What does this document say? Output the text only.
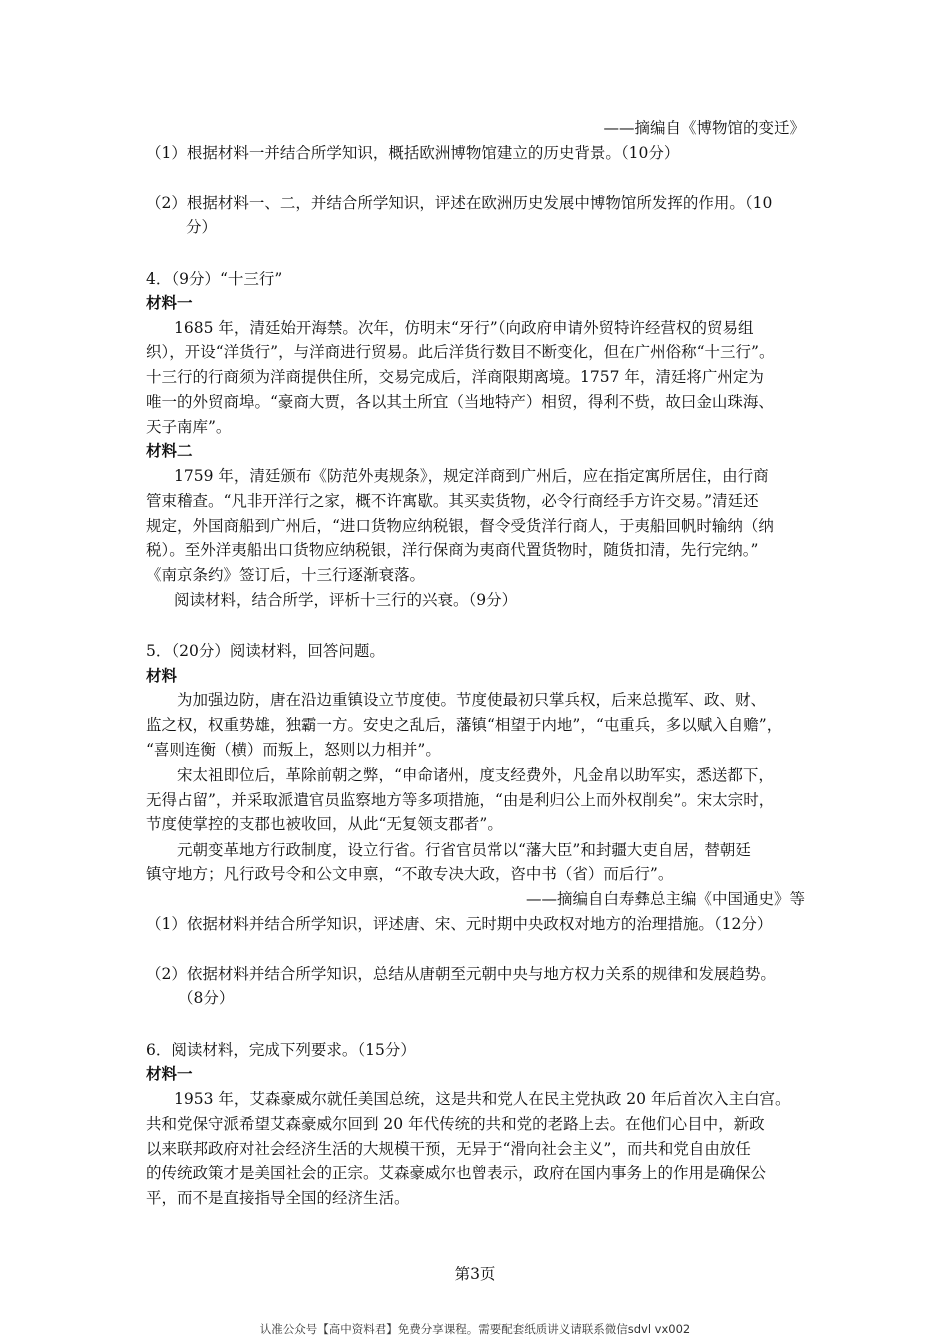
——摘编自《博物馆的变迁》
（1）根据材料一并结合所学知识，概括欧洲博物馆建立的历史背景。（10分）
（2）根据材料一、二，并结合所学知识，评述在欧洲历史发展中博物馆所发挥的作用。（10
分）
4．（9分）“十三行”
材料一
1685 年，清廷始开海禁。次年，仿明末“牙行”（向政府申请外贸特许经营权的贸易组
织），开设“洋货行”，与洋商进行贸易。此后洋货行数目不断变化，但在广州俗称“十三行”。
十三行的行商须为洋商提供住所，交易完成后，洋商限期离境。1757 年，清廷将广州定为
唯一的外贸商埠。“豪商大贾，各以其土所宜（当地特产）相贸，得利不赀，故曰金山珠海、
天子南库”。
材料二
1759 年，清廷颁布《防范外夷规条》，规定洋商到广州后，应在指定寓所居住，由行商
管束稽查。“凡非开洋行之家，概不许寓歇。其买卖货物，必令行商经手方许交易。”清廷还
规定，外国商船到广州后，“进口货物应纳税银，督令受货洋行商人，于夷船回帆时输纳（纳
税）。至外洋夷船出口货物应纳税银，洋行保商为夷商代置货物时，随货扣清，先行完纳。”
《南京条约》签订后，十三行逐渐衰落。
阅读材料，结合所学，评析十三行的兴衰。（9分）
5．（20分）阅读材料，回答问题。
材料
为加强边防，唐在沿边重镇设立节度使。节度使最初只掌兵权，后来总揽军、政、财、
监之权，权重势雄，独霸一方。安史之乱后，藩镇“相望于内地”，“屯重兵，多以赋入自赡”，
“喜则连衡（横）而叛上，怒则以力相并”。
宋太祖即位后，革除前朝之弊，“申命诸州，度支经费外，凡金帛以助军实，悉送都下，
无得占留”，并采取派遣官员监察地方等多项措施，“由是利归公上而外权削矣”。宋太宗时，
节度使掌控的支郡也被收回，从此“无复领支郡者”。
元朝变革地方行政制度，设立行省。行省官员常以“藩大臣”和封疆大吏自居，替朝廷
镇守地方；凡行政号令和公文申禀，“不敢专决大政，咨中书（省）而后行”。
——摘编自白寿彝总主编《中国通史》等
（1）依据材料并结合所学知识，评述唐、宋、元时期中央政权对地方的治理措施。（12分）
（2）依据材料并结合所学知识，总结从唐朝至元朝中央与地方权力关系的规律和发展趋势。
（8分）
6．阅读材料，完成下列要求。（15分）
材料一
1953 年，艾森豪威尔就任美国总统，这是共和党人在民主党执政 20 年后首次入主白宫。
共和党保守派希望艾森豪威尔回到 20 年代传统的共和党的老路上去。在他们心目中，新政
以来联邦政府对社会经济生活的大规模干预，无异于“滑向社会主义”，而共和党自由放任
的传统政策才是美国社会的正宗。艾森豪威尔也曾表示，政府在国内事务上的作用是确保公
平，而不是直接指导全国的经济生活。
第3页
认准公众号【高中资料君】免费分享课程。需要配套纸质讲义请联系微信sdvl vx002
